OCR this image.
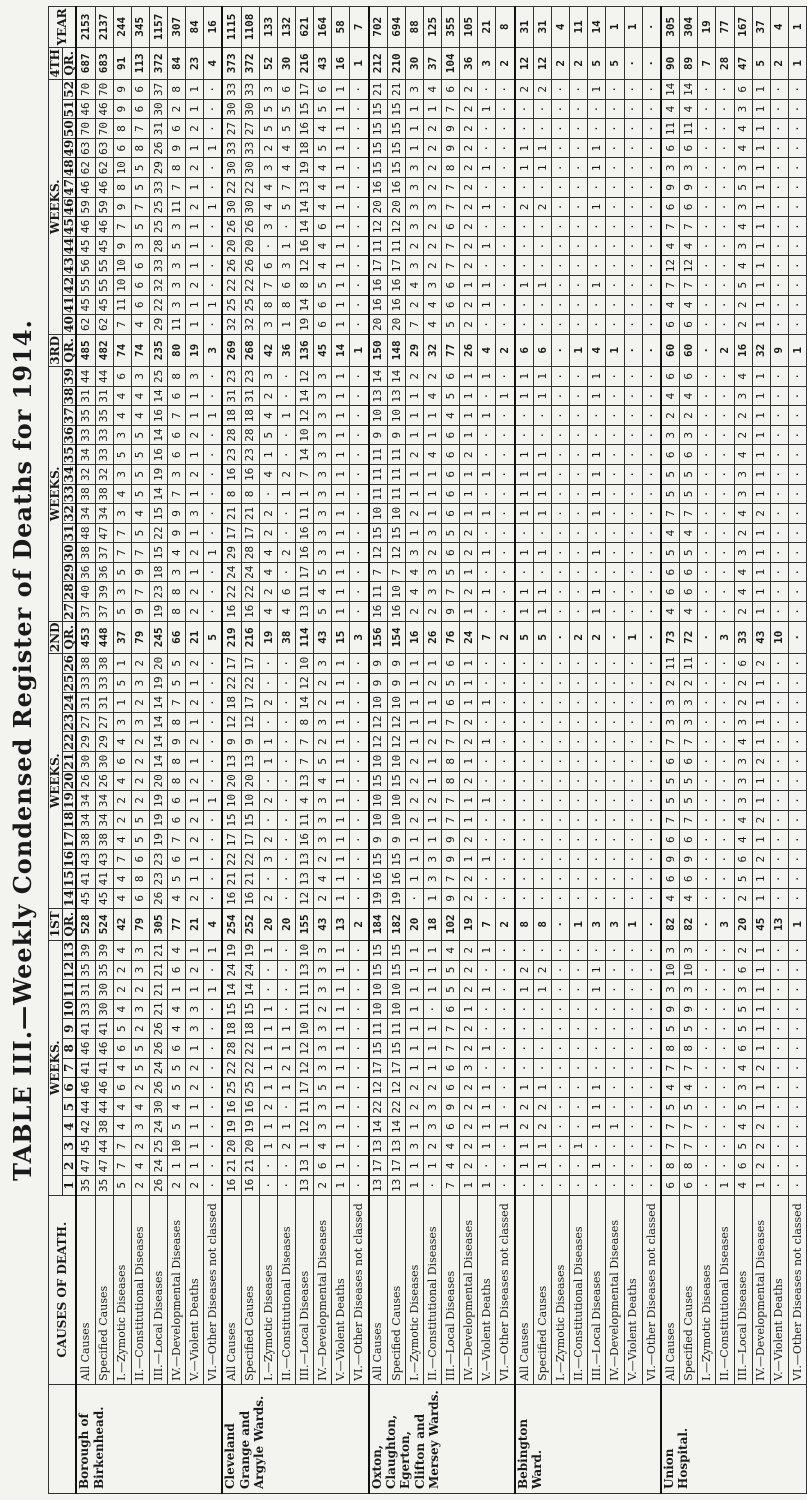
TABLE III.—Weekly Condensed Register of Deaths for 1914.
	CAUSES OF DEATH.	WEEKS.													1ST	WEEKS.													2ND	WEEKS.													3RD	WEEKS.													4TH	YEAR
		1	2	3	4	5	6	7	8	9	10	11	12	13	QR.	14	15	16	17	18	19	20	21	22	23	24	25	26	QR.	27	28	29	30	31	32	33	34	35	36	37	38	39	QR.	40	41	42	43	44	45	46	47	48	49	50	51	52	QR.	

Borough of Birkenhead.	All Causes	35	47	45	42	44	46	41	46	41	33	31	35	39	528	45	41	43	38	34	34	26	30	29	27	31	33	38	453	37	40	36	38	48	34	38	32	34	33	35	31	44	485	62	45	55	56	45	46	59	46	62	63	70	46	70	687	2153
	Specified Causes	35	47	44	38	44	46	41	46	41	30	30	35	39	524	45	41	43	38	34	34	26	30	29	27	31	33	38	448	37	39	36	37	47	34	38	32	33	33	35	31	44	482	62	45	55	55	45	46	59	46	62	63	70	46	70	683	2137
	I.—Zymotic Diseases	5	7	7	4	4	6	4	6	5	4	2	2	4	42	4	4	7	4	2	2	4	6	4	3	1	5	1	37	5	3	5	7	7	3	4	3	5	3	4	4	6	74	7	11	10	10	9	7	9	8	10	6	8	9	9	91	244
	II.—Constitutional Diseases	2	4	2	3	4	2	5	5	2	3	2	3	3	79	6	8	6	5	5	2	2	2	2	3	2	3	2	79	9	7	9	7	5	4	5	5	5	5	4	4	3	74	4	6	6	6	3	5	7	5	5	8	7	6	6	113	345
	III.—Local Diseases	26	24	25	24	30	26	24	26	26	21	21	21	21	305	26	23	23	19	19	19	20	14	14	14	14	19	20	245	19	23	18	15	22	15	14	19	16	14	16	14	25	235	29	22	32	33	28	25	25	33	29	26	31	30	37	372	1157
	IV.—Developmental Diseases	2	1	10	5	4	5	5	6	4	4	1	6	4	77	4	5	6	7	6	6	8	8	9	8	7	5	5	66	8	8	3	4	9	9	7	3	6	6	7	6	8	80	11	3	3	3	5	3	11	7	8	9	6	2	8	84	307
	V.—Violent Deaths	2	1	1	1	1	2	2	1	3	3	1	2	1	21	2	1	1	2	2	1	2	1	2	1	2	1	2	21	2	2	1	2	1	3	1	2	1	2	1	1	3	19	1	1	2	1	1	1	2	1	2	1	2	1	1	23	84
	VI.—Other Diseases not classed	·	·	·	·	·	·	·	·	·	·	1	·	1	4	·	·	·	·	·	1	·	·	·	·	·	·	·	5	·	·	·	1	·	·	·	·	·	·	1	·	·	3	·	1	·	·	·	·	1	·	·	1	·	·	·	4	16
Cleveland Grange and Argyle Wards.	All Causes	16	21	20	19	16	25	22	28	18	15	14	24	19	254	16	21	22	17	15	10	20	13	9	12	18	22	17	219	16	22	24	29	17	21	8	16	23	28	18	31	23	269	32	25	22	26	20	26	30	22	30	33	27	30	33	373	1115
	Specified Causes	16	21	20	19	16	25	22	22	18	15	14	24	19	252	16	21	22	17	15	10	20	13	9	12	17	22	17	216	16	22	24	28	17	21	8	16	23	28	18	31	23	268	32	25	22	26	20	26	30	22	30	33	27	30	33	372	1108
	I.—Zymotic Diseases	·	·	1	1	2	1	1	1	1	1	·	·	1	20	2	·	3	2	·	2	·	1	1	·	2	·	·	19	4	2	4	4	2	2	·	4	1	5	4	2	3	42	3	8	7	6	·	3	4	4	3	2	5	5	3	52	133
	II.—Constitutional Diseases	·	·	2	1	·	1	2	1	1	·	·	·	·	20	·	·	·	·	·	·	·	·	·	·	·	·	·	38	4	6	·	2	·	·	1	2	·	·	1	·	·	36	1	8	6	3	1	·	5	7	4	4	5	5	6	30	132
	III.—Local Diseases	13	13	1	12	11	17	12	12	10	11	11	13	10	155	12	13	13	16	11	4	13	7	7	8	14	12	10	114	13	11	17	16	16	11	1	7	14	10	12	14	12	136	19	14	8	12	16	14	14	13	19	18	16	15	17	216	621
	IV.—Developmental Diseases	2	6	4	3	3	5	3	3	3	2	3	3	3	43	2	4	2	3	3	3	4	5	2	3	2	2	3	43	5	4	5	3	3	3	3	3	3	3	3	3	3	45	6	6	5	4	4	6	4	4	4	5	4	5	6	43	164
	V.—Violent Deaths	1	1	1	1	1	1	1	1	1	1	1	1	1	13	1	1	1	1	1	1	1	1	1	1	1	1	1	15	1	1	1	1	1	1	1	1	1	1	1	1	1	14	1	1	1	1	1	1	1	1	1	1	1	1	1	16	58
	VI.—Other Diseases not classed	·	·	·	·	·	·	·	·	·	·	·	·	·	2	·	·	·	·	·	·	·	·	·	·	·	·	·	3	·	·	·	·	·	·	·	·	·	·	·	·	·	1	·	·	·	·	·	·	·	·	·	·	·	·	·	1	7
Oxton, Claughton, Egerton, Clifton and Mersey Wards.	All Causes	13	17	13	14	22	12	17	15	11	10	10	15	15	184	19	16	15	9	10	10	15	10	12	12	10	9	9	156	16	11	7	12	15	10	11	11	11	9	10	13	14	150	20	16	16	17	11	12	20	16	15	15	15	15	21	212	702
	Specified Causes	13	17	13	14	22	12	17	15	11	10	10	15	15	182	19	16	15	9	10	10	15	10	12	12	10	9	9	154	16	10	7	12	15	10	11	11	11	9	10	13	14	148	20	16	16	17	11	12	20	16	15	15	15	15	21	210	694
	I.—Zymotic Diseases	1	1	3	1	2	2	1	1	1	1	1	1	1	20	·	1	1	1	2	2	2	2	1	1	1	1	1	16	2	4	4	3	1	2	1	1	2	1	1	1	2	29	7	2	4	3	2	3	3	3	3	1	1	1	3	30	88
	II.—Constitutional Diseases	·	1	2	3	3	2	1	1	1	·	1	1	1	18	1	3	3	1	1	2	1	1	2	1	1	2	1	26	2	3	3	2	3	1	1	1	4	1	1	4	2	32	4	4	3	2	2	2	3	2	2	2	2	1	4	37	125
	III.—Local Diseases	7	4	4	6	9	6	6	7	7	6	5	5	4	102	9	7	9	9	7	7	8	8	7	7	6	5	6	76	9	7	5	6	5	6	6	6	6	6	4	5	6	77	5	6	6	7	7	6	7	7	8	9	9	7	6	104	355
	IV.—Developmental Diseases	1	2	2	2	2	2	3	2	2	1	2	2	2	19	2	2	1	2	1	1	2	1	2	2	1	1	1	24	1	2	1	2	2	1	1	1	2	1	1	1	1	26	2	2	1	2	2	2	2	2	2	2	2	2	2	36	105
	V.—Violent Deaths	1	·	1	1	1	1	·	1	·	·	1	·	1	7	·	·	1	·	·	1	·	·	1	·	1	·	·	7	·	1	·	1	·	1	·	1	·	·	1	·	1	4	·	1	1	·	1	·	1	·	1	·	·	1	·	3	21
	VI.—Other Diseases not classed	·	·	·	1	·	·	·	·	·	·	·	·	·	2	·	·	·	·	·	·	·	·	·	·	·	·	·	2	·	·	·	·	·	·	·	·	·	·	·	1	·	2	·	·	·	·	·	·	·	·	·	·	·	·	·	2	8
Bebington Ward.	All Causes	·	1	1	2	2	1	·	·	·	·	1	2	·	8	·	·	·	·	·	·	·	·	·	·	·	·	·	5	1	1	·	1	·	1	1	1	1	·	·	1	1	6	·	·	1	·	·	·	2	·	1	1	·	·	2	12	31
	Specified Causes	·	1	1	2	2	1	·	·	·	·	1	2	·	8	·	·	·	·	·	·	·	·	·	·	·	·	·	5	1	1	·	1	·	1	1	1	1	·	·	1	1	6	·	·	1	·	·	·	2	·	1	1	·	·	2	12	31
	I.—Zymotic Diseases	·	·	·	·	·	·	·	·	·	·	·	·	·	·	·	·	·	·	·	·	·	·	·	·	·	·	·	·	·	·	·	·	·	·	·	·	·	·	·	·	·	·	·	·	·	·	·	·	·	·	·	·	·	·	·	2	4
	II.—Constitutional Diseases	·	·	1	·	·	·	·	·	·	·	·	·	·	1	·	·	·	·	·	·	·	·	·	·	·	·	·	2	·	·	·	·	·	·	·	·	·	·	·	·	·	1	·	·	·	·	·	·	·	·	·	·	·	·	·	2	11
	III.—Local Diseases	·	1	·	1	1	1	·	·	·	·	1	1	·	3	·	·	·	·	·	·	·	·	·	·	·	·	·	2	1	1	·	1	·	1	1	1	1	·	·	1	1	4	·	·	1	·	·	·	1	·	1	1	·	·	1	5	14
	IV.—Developmental Diseases	·	·	·	1	·	·	·	·	·	·	·	·	·	3	·	·	·	·	·	·	·	·	·	·	·	·	·	·	·	·	·	·	·	·	·	·	·	·	·	·	·	1	·	·	·	·	·	·	·	·	·	·	·	·	·	5	1
	V.—Violent Deaths	·	·	·	·	·	·	·	·	·	·	·	·	·	1	·	·	·	·	·	·	·	·	·	·	·	·	·	1	·	·	·	·	·	·	·	·	·	·	·	·	·	·	·	·	·	·	·	·	·	·	·	·	·	·	·	·	1
	VI.—Other Diseases not classed	·	·	·	·	·	·	·	·	·	·	·	·	·	·	·	·	·	·	·	·	·	·	·	·	·	·	·	·	·	·	·	·	·	·	·	·	·	·	·	·	·	·	·	·	·	·	·	·	·	·	·	·	·	·	·	·	·
Union Hospital.	All Causes	6	8	7	7	5	4	7	8	5	9	3	10	3	82	4	6	9	6	7	5	5	6	7	3	3	2	11	73	4	6	6	5	4	7	5	5	6	3	2	4	6	60	6	4	7	12	4	7	6	9	3	6	11	4	14	90	305
	Specified Causes	6	8	7	7	5	4	7	8	5	9	3	10	3	82	4	6	9	6	7	5	5	6	7	3	3	2	11	72	4	6	6	5	4	7	5	5	6	3	2	4	6	60	6	4	7	12	4	7	6	9	3	6	11	4	14	89	304
	I.—Zymotic Diseases	·	·	·	·	·	·	·	·	·	·	·	·	·	·	·	·	·	·	·	·	·	·	·	·	·	·	·	·	·	·	·	·	·	·	·	·	·	·	·	·	·	·	·	·	·	·	·	·	·	·	·	·	·	·	·	7	19
	II.—Constitutional Diseases	1	·	·	·	·	·	·	·	·	·	·	·	·	3	·	·	·	·	·	·	·	·	·	·	·	·	·	3	·	·	·	·	·	·	·	·	·	·	·	·	·	2	·	·	·	·	·	·	·	·	·	·	·	·	·	28	77
	III.—Local Diseases	4	6	5	4	5	3	4	6	5	5	3	6	2	20	2	5	6	4	4	3	3	3	4	3	2	2	6	33	2	4	4	3	2	4	3	3	4	2	2	3	4	16	2	2	5	4	3	4	3	5	3	4	4	3	6	47	167
	IV.—Developmental Diseases	1	2	2	2	1	1	2	1	1	1	1	1	1	45	1	1	2	1	2	1	1	2	1	1	1	1	2	43	1	1	1	1	1	2	1	1	1	1	1	1	1	32	1	1	1	1	1	1	1	1	1	1	1	1	1	5	37
	V.—Violent Deaths	·	·	·	·	·	·	·	·	·	·	·	·	·	13	·	·	·	·	·	·	·	·	·	·	·	·	·	10	·	·	·	·	·	·	·	·	·	·	·	·	·	9	·	·	·	·	·	·	·	·	·	·	·	·	·	2	4
	VI.—Other Diseases not classed	·	·	·	·	·	·	·	·	·	·	·	·	·	1	·	·	·	·	·	·	·	·	·	·	·	·	·	·	·	·	·	·	·	·	·	·	·	·	·	·	·	1	·	·	·	·	·	·	·	·	·	·	·	·	·	1	1
